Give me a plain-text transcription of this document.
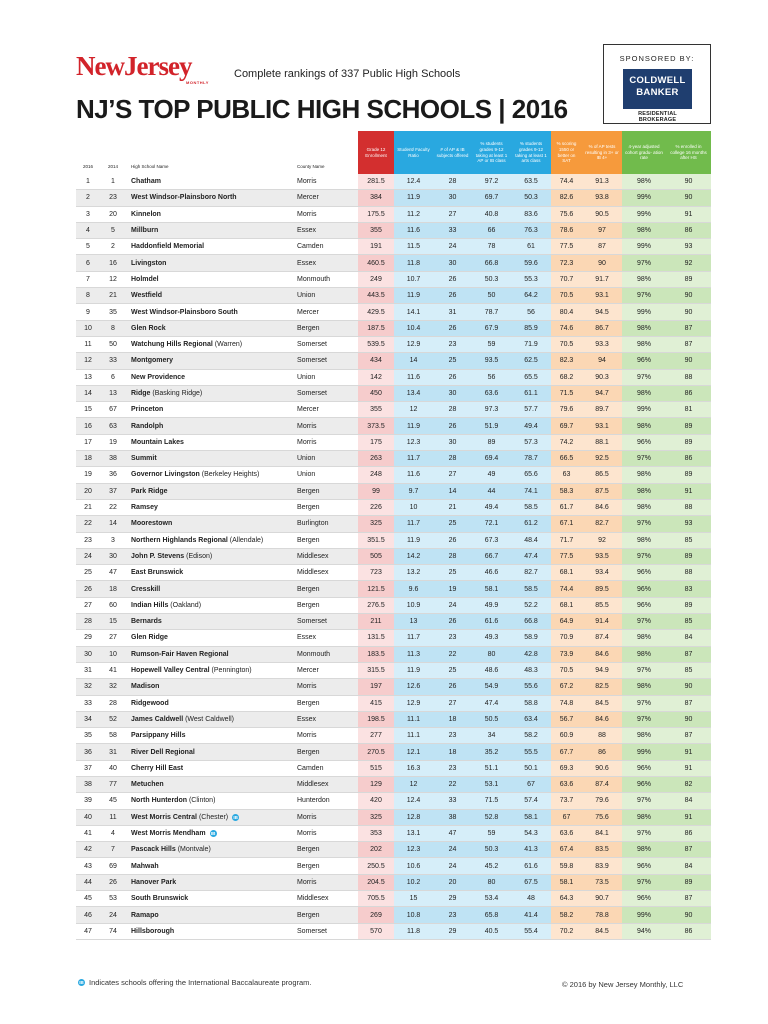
NewJersey
MONTHLY
Complete rankings of 337 Public High Schools
NJ’S TOP PUBLIC HIGH SCHOOLS | 2016
SPONSORED BY:
COLDWELL
BANKER
RESIDENTIAL BROKERAGE
2016	2014	High School Name	County Name
Grade 12 Enrollment
Student/ Faculty Ratio
# of AP & IB subjects offered
% students grades 9-12 taking at least 1 AP or IB class
% students grades 9-12 taking at least 1 arts class
% scoring 1550 or better on SAT
% of AP tests resulting in 3+ or IB 4+
4-year adjusted cohort gradu- ation rate
% enrolled in college 16 months after HS
1	1	Chatham	Morris	281.5	12.4	28	97.2	63.5	74.4	91.3	98%	90
2	23	West Windsor-Plainsboro North	Mercer	384	11.9	30	69.7	50.3	82.6	93.8	99%	90
3	20	Kinnelon	Morris	175.5	11.2	27	40.8	83.6	75.6	90.5	99%	91
4	5	Millburn	Essex	355	11.6	33	66	76.3	78.6	97	98%	86
5	2	Haddonfield Memorial	Camden	191	11.5	24	78	61	77.5	87	99%	93
6	16	Livingston	Essex	460.5	11.8	30	66.8	59.6	72.3	90	97%	92
7	12	Holmdel	Monmouth	249	10.7	26	50.3	55.3	70.7	91.7	98%	89
8	21	Westfield	Union	443.5	11.9	26	50	64.2	70.5	93.1	97%	90
9	35	West Windsor-Plainsboro South	Mercer	429.5	14.1	31	78.7	56	80.4	94.5	99%	90
10	8	Glen Rock	Bergen	187.5	10.4	26	67.9	85.9	74.6	86.7	98%	87
11	50	Watchung Hills Regional
(Warren)	Somerset	539.5	12.9	23	59	71.9	70.5	93.3	98%	87
12	33	Montgomery	Somerset	434	14	25	93.5	62.5	82.3	94	96%	90
13	6	New Providence	Union	142	11.6	26	56	65.5	68.2	90.3	97%	88
14	13	Ridge
(Basking Ridge)	Somerset	450	13.4	30	63.6	61.1	71.5	94.7	98%	86
15	67	Princeton	Mercer	355	12	28	97.3	57.7	79.6	89.7	99%	81
16	63	Randolph	Morris	373.5	11.9	26	51.9	49.4	69.7	93.1	98%	89
17	19	Mountain Lakes	Morris	175	12.3	30	89	57.3	74.2	88.1	96%	89
18	38	Summit	Union	263	11.7	28	69.4	78.7	66.5	92.5	97%	86
19	36	Governor Livingston
(Berkeley Heights)	Union	248	11.6	27	49	65.6	63	86.5	98%	89
20	37	Park Ridge	Bergen	99	9.7	14	44	74.1	58.3	87.5	98%	91
21	22	Ramsey	Bergen	226	10	21	49.4	58.5	61.7	84.6	98%	88
22	14	Moorestown	Burlington	325	11.7	25	72.1	61.2	67.1	82.7	97%	93
23	3	Northern Highlands Regional
(Allendale)	Bergen	351.5	11.9	26	67.3	48.4	71.7	92	98%	85
24	30	John P. Stevens
(Edison)	Middlesex	505	14.2	28	66.7	47.4	77.5	93.5	97%	89
25	47	East Brunswick	Middlesex	723	13.2	25	46.6	82.7	68.1	93.4	96%	88
26	18	Cresskill	Bergen	121.5	9.6	19	58.1	58.5	74.4	89.5	96%	83
27	60	Indian Hills
(Oakland)	Bergen	276.5	10.9	24	49.9	52.2	68.1	85.5	96%	89
28	15	Bernards	Somerset	211	13	26	61.6	66.8	64.9	91.4	97%	85
29	27	Glen Ridge	Essex	131.5	11.7	23	49.3	58.9	70.9	87.4	98%	84
30	10	Rumson-Fair Haven Regional	Monmouth	183.5	11.3	22	80	42.8	73.9	84.6	98%	87
31	41	Hopewell Valley Central
(Pennington)	Mercer	315.5	11.9	25	48.6	48.3	70.5	94.9	97%	85
32	32	Madison	Morris	197	12.6	26	54.9	55.6	67.2	82.5	98%	90
33	28	Ridgewood	Bergen	415	12.9	27	47.4	58.8	74.8	84.5	97%	87
34	52	James Caldwell
(West Caldwell)	Essex	198.5	11.1	18	50.5	63.4	56.7	84.6	97%	90
35	58	Parsippany Hills	Morris	277	11.1	23	34	58.2	60.9	88	98%	87
36	31	River Dell Regional	Bergen	270.5	12.1	18	35.2	55.5	67.7	86	99%	91
37	40	Cherry Hill East	Camden	515	16.3	23	51.1	50.1	69.3	90.6	96%	91
38	77	Metuchen	Middlesex	129	12	22	53.1	67	63.6	87.4	96%	82
39	45	North Hunterdon
(Clinton)	Hunterdon	420	12.4	33	71.5	57.4	73.7	79.6	97%	84
40	11	West Morris Central
(Chester) IB	Morris	325	12.8	38	52.8	58.1	67	75.6	98%	91
41	4	West Morris Mendham IB	Morris	353	13.1	47	59	54.3	63.6	84.1	97%	86
42	7	Pascack Hills
(Montvale)	Bergen	202	12.3	24	50.3	41.3	67.4	83.5	98%	87
43	69	Mahwah	Bergen	250.5	10.6	24	45.2	61.6	59.8	83.9	96%	84
44	26	Hanover Park	Morris	204.5	10.2	20	80	67.5	58.1	73.5	97%	89
45	53	South Brunswick	Middlesex	705.5	15	29	53.4	48	64.3	90.7	96%	87
46	24	Ramapo	Bergen	269	10.8	23	65.8	41.4	58.2	78.8	99%	90
47	74	Hillsborough	Somerset	570	11.8	29	40.5	55.4	70.2	84.5	94%	86
IB Indicates schools offering the International Baccalaureate program.	© 2016 by New Jersey Monthly, LLC
